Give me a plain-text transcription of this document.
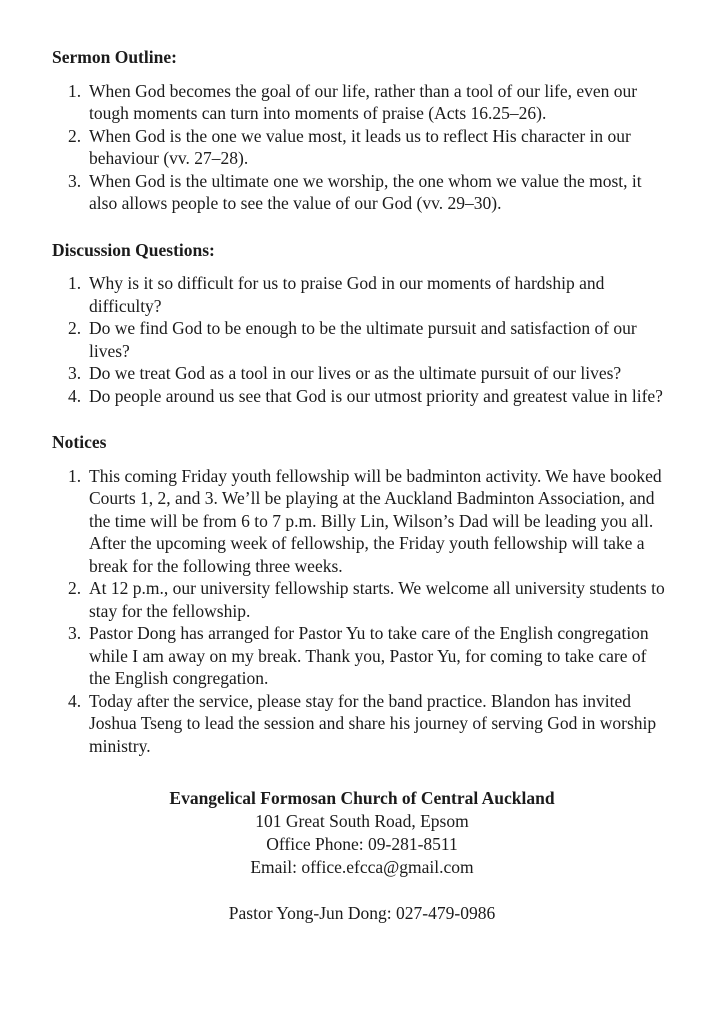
Sermon Outline:
1. When God becomes the goal of our life, rather than a tool of our life, even our tough moments can turn into moments of praise (Acts 16.25–26).
2. When God is the one we value most, it leads us to reflect His character in our behaviour (vv. 27–28).
3. When God is the ultimate one we worship, the one whom we value the most, it also allows people to see the value of our God (vv. 29–30).
Discussion Questions:
1. Why is it so difficult for us to praise God in our moments of hardship and difficulty?
2. Do we find God to be enough to be the ultimate pursuit and satisfaction of our lives?
3. Do we treat God as a tool in our lives or as the ultimate pursuit of our lives?
4. Do people around us see that God is our utmost priority and greatest value in life?
Notices
1. This coming Friday youth fellowship will be badminton activity. We have booked Courts 1, 2, and 3. We’ll be playing at the Auckland Badminton Association, and the time will be from 6 to 7 p.m. Billy Lin, Wilson’s Dad will be leading you all. After the upcoming week of fellowship, the Friday youth fellowship will take a break for the following three weeks.
2. At 12 p.m., our university fellowship starts. We welcome all university students to stay for the fellowship.
3. Pastor Dong has arranged for Pastor Yu to take care of the English congregation while I am away on my break. Thank you, Pastor Yu, for coming to take care of the English congregation.
4. Today after the service, please stay for the band practice. Blandon has invited Joshua Tseng to lead the session and share his journey of serving God in worship ministry.
Evangelical Formosan Church of Central Auckland
101 Great South Road, Epsom
Office Phone: 09-281-8511
Email: office.efcca@gmail.com
Pastor Yong-Jun Dong: 027-479-0986
